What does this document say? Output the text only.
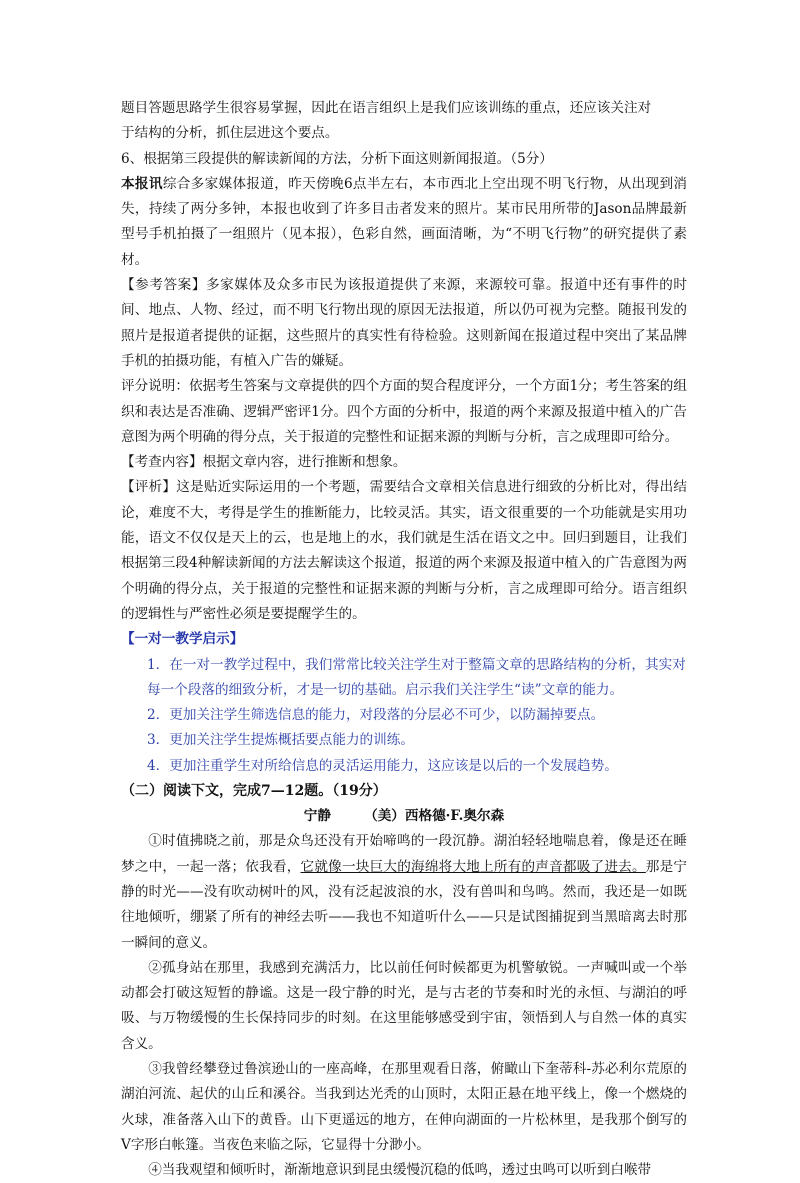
题目答题思路学生很容易掌握，因此在语言组织上是我们应该训练的重点，还应该关注对
于结构的分析，抓住层进这个要点。

6、根据第三段提供的解读新闻的方法，分析下面这则新闻报道。（5分）

本报讯综合多家媒体报道，昨天傍晚6点半左右，本市西北上空出现不明飞行物，从出现到消失，持续了两分多钟，本报也收到了许多目击者发来的照片。某市民用所带的Jason品牌最新型号手机拍摄了一组照片（见本报），色彩自然，画面清晰，为“不明飞行物”的研究提供了素材。

【参考答案】多家媒体及众多市民为该报道提供了来源，来源较可靠。报道中还有事件的时间、地点、人物、经过，而不明飞行物出现的原因无法报道，所以仍可视为完整。随报刊发的照片是报道者提供的证据，这些照片的真实性有待检验。这则新闻在报道过程中突出了某品牌手机的拍摄功能，有植入广告的嫌疑。

评分说明：依据考生答案与文章提供的四个方面的契合程度评分，一个方面1分；考生答案的组织和表达是否准确、逻辑严密评1分。四个方面的分析中，报道的两个来源及报道中植入的广告意图为两个明确的得分点，关于报道的完整性和证据来源的判断与分析，言之成理即可给分。

【考查内容】根据文章内容，进行推断和想象。

【评析】这是贴近实际运用的一个考题，需要结合文章相关信息进行细致的分析比对，得出结论，难度不大，考得是学生的推断能力，比较灵活。其实，语文很重要的一个功能就是实用功能，语文不仅仅是天上的云，也是地上的水，我们就是生活在语文之中。回归到题目，让我们根据第三段4种解读新闻的方法去解读这个报道，报道的两个来源及报道中植入的广告意图为两个明确的得分点，关于报道的完整性和证据来源的判断与分析，言之成理即可给分。语言组织的逻辑性与严密性必须是要提醒学生的。

【一对一教学启示】

1．在一对一教学过程中，我们常常比较关注学生对于整篇文章的思路结构的分析，其实对每一个段落的细致分析，才是一切的基础。启示我们关注学生“读”文章的能力。

2．更加关注学生筛选信息的能力，对段落的分层必不可少，以防漏掉要点。

3．更加关注学生提炼概括要点能力的训练。

4．更加注重学生对所给信息的灵活运用能力，这应该是以后的一个发展趋势。

（二）阅读下文，完成7—12题。（19分）

宁静 （美）西格德·F.奥尔森

①时值拂晓之前，那是众鸟还没有开始啼鸣的一段沉静。湖泊轻轻地喘息着，像是还在睡梦之中，一起一落；依我看，它就像一块巨大的海绵将大地上所有的声音都吸了进去。那是宁静的时光——没有吹动树叶的风，没有泛起波浪的水，没有兽叫和鸟鸣。然而，我还是一如既往地倾听，绷紧了所有的神经去听——我也不知道听什么——只是试图捕捉到当黑暗离去时那一瞬间的意义。

②孤身站在那里，我感到充满活力，比以前任何时候都更为机警敏锐。一声喊叫或一个举动都会打破这短暂的静谧。这是一段宁静的时光，是与古老的节奏和时光的永恒、与湖泊的呼吸、与万物缓慢的生长保持同步的时刻。在这里能够感受到宇宙，领悟到人与自然一体的真实含义。

③我曾经攀登过鲁滨逊山的一座高峰，在那里观看日落，俯瞰山下奎蒂科-苏必利尔荒原的湖泊河流、起伏的山丘和溪谷。当我到达光秃的山顶时，太阳正悬在地平线上，像一个燃烧的火球，准备落入山下的黄昏。山下更遥远的地方，在伸向湖面的一片松林里，是我那个倒写的V字形白帐篷。当夜色来临之际，它显得十分渺小。

④当我观望和倾听时，渐渐地意识到昆虫缓慢沉稳的低鸣，透过虫鸣可以听到白喉带
